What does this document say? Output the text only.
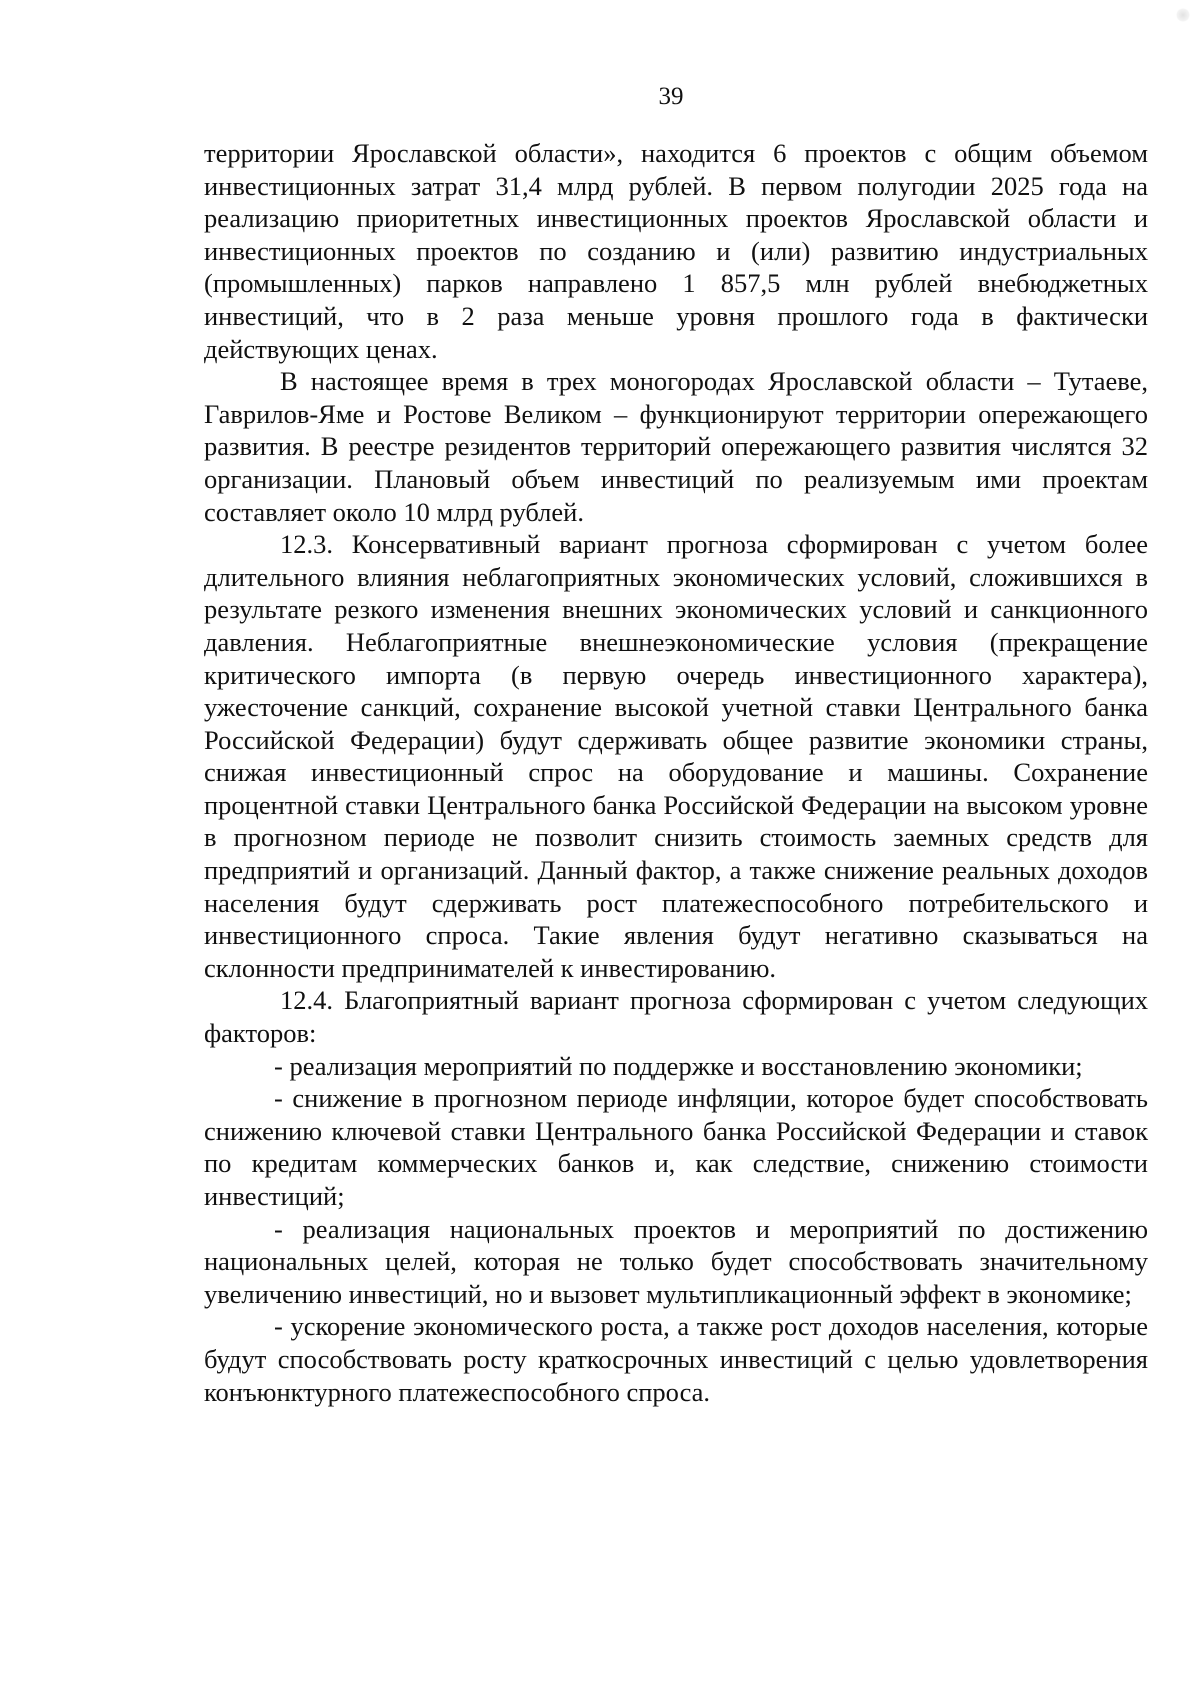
39

территории Ярославской области», находится 6 проектов с общим объемом инвестиционных затрат 31,4 млрд рублей. В первом полугодии 2025 года на реализацию приоритетных инвестиционных проектов Ярославской области и инвестиционных проектов по созданию и (или) развитию индустриальных (промышленных) парков направлено 1 857,5 млн рублей внебюджетных инвестиций, что в 2 раза меньше уровня прошлого года в фактически действующих ценах.

В настоящее время в трех моногородах Ярославской области – Тутаеве, Гаврилов-Яме и Ростове Великом – функционируют территории опережающего развития. В реестре резидентов территорий опережающего развития числятся 32 организации. Плановый объем инвестиций по реализуемым ими проектам составляет около 10 млрд рублей.

12.3. Консервативный вариант прогноза сформирован с учетом более длительного влияния неблагоприятных экономических условий, сложившихся в результате резкого изменения внешних экономических условий и санкционного давления. Неблагоприятные внешнеэкономические условия (прекращение критического импорта (в первую очередь инвестиционного характера), ужесточение санкций, сохранение высокой учетной ставки Центрального банка Российской Федерации) будут сдерживать общее развитие экономики страны, снижая инвестиционный спрос на оборудование и машины. Сохранение процентной ставки Центрального банка Российской Федерации на высоком уровне в прогнозном периоде не позволит снизить стоимость заемных средств для предприятий и организаций. Данный фактор, а также снижение реальных доходов населения будут сдерживать рост платежеспособного потребительского и инвестиционного спроса. Такие явления будут негативно сказываться на склонности предпринимателей к инвестированию.

12.4. Благоприятный вариант прогноза сформирован с учетом следующих факторов:

- реализация мероприятий по поддержке и восстановлению экономики;

- снижение в прогнозном периоде инфляции, которое будет способствовать снижению ключевой ставки Центрального банка Российской Федерации и ставок по кредитам коммерческих банков и, как следствие, снижению стоимости инвестиций;

- реализация национальных проектов и мероприятий по достижению национальных целей, которая не только будет способствовать значительному увеличению инвестиций, но и вызовет мультипликационный эффект в экономике;

- ускорение экономического роста, а также рост доходов населения, которые будут способствовать росту краткосрочных инвестиций с целью удовлетворения конъюнктурного платежеспособного спроса.
